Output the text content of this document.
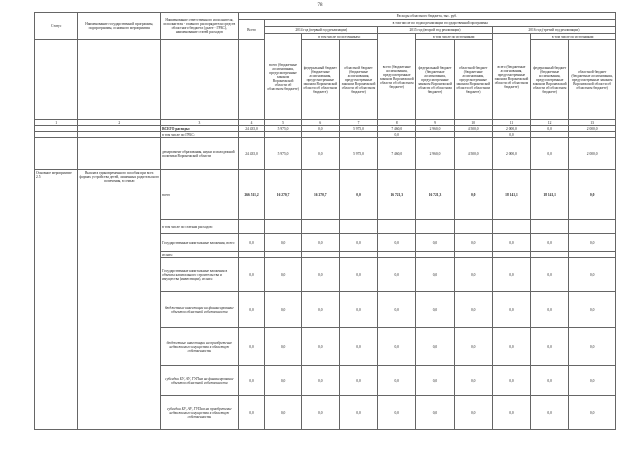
78
Статус	Наименование государственной программы, подпрограммы, основного мероприятия	Наименование ответственного исполнителя, исполнителя - главного распорядителя средств областного бюджета (далее - ГРБС), наименование статей расходов	Расходы областного бюджета, тыс. руб.									
			Всего	в том числе по годам реализации государственной программы								
				2014 год (первый год реализации)			2015 год (второй год реализации)			2016 год (третий год реализации)		
				всего (бюджетные ассигнования, предусмотренные законом Воронежской области об областном бюджете)	в том числе по источникам:		всего (бюджетные ассигнования, предусмотренные законом Воронежской области об областном бюджете)	в том числе по источникам:		всего (бюджетные ассигнования, предусмотренные законом Воронежской области об областном бюджете)	в том числе по источникам:	
					федеральный бюджет (бюджетные ассигнования, предусмотренные законом Воронежской области об областном бюджете)	областной бюджет (бюджетные ассигнования, предусмотренные законом Воронежской области об областном бюджете)		федеральный бюджет (бюджетные ассигнования, предусмотренные законом Воронежской области об областном бюджете)	областной бюджет (бюджетные ассигнования, предусмотренные законом Воронежской области об областном бюджете)		федеральный бюджет (бюджетные ассигнования, предусмотренные законом Воронежской области об областном бюджете)	областной бюджет (бюджетные ассигнования, предусмотренные законом Воронежской области об областном бюджете)
1	2	3	4	5	6	7	8	9	10	11	12	13
		ВСЕГО расходы:	24 435,0	5 975,0	0,0	5 975,0	7 460,0	2 960,0	4 500,0	2 000,0	0,0	2 000,0
		в том числе по ГРБС:					0,0			0,0		
		департамент образования, науки и молодежной политики Воронежской области	24 435,0	5 975,0	0,0	5 975,0	7 460,0	2 960,0	4 500,0	2 000,0	0,0	2 000,0
Основное мероприятие 2.5	Выплата единовременного пособия при всех формах устройства детей, лишенных родительского попечения, в семью	всего	266 511,2	16 270,7	16 270,7	0,0	16 721,3	16 721,3	0,0	18 141,1	18 141,1	0,0
		в том числе по статьям расходов:										
		Государственные капитальные вложения, всего	0,0	0,0	0,0	0,0	0,0	0,0	0,0	0,0	0,0	0,0
		из них:										
		Государственные капитальные вложения в объекты капитального строительства и имущества (инвестиции), из них:	0,0	0,0	0,0	0,0	0,0	0,0	0,0	0,0	0,0	0,0
		бюджетные инвестиции на финансирование объектов областной собственности	0,0	0,0	0,0	0,0	0,0	0,0	0,0	0,0	0,0	0,0
		бюджетные инвестиции на приобретение недвижимого имущества в областную собственность	0,0	0,0	0,0	0,0	0,0	0,0	0,0	0,0	0,0	0,0
		субсидии БУ, АУ, ГУПам на финансирование объектов областной собственности	0,0	0,0	0,0	0,0	0,0	0,0	0,0	0,0	0,0	0,0
		субсидии БУ, АУ, ГУПам на приобретение недвижимого имущества в областную собственность	0,0	0,0	0,0	0,0	0,0	0,0	0,0	0,0	0,0	0,0
